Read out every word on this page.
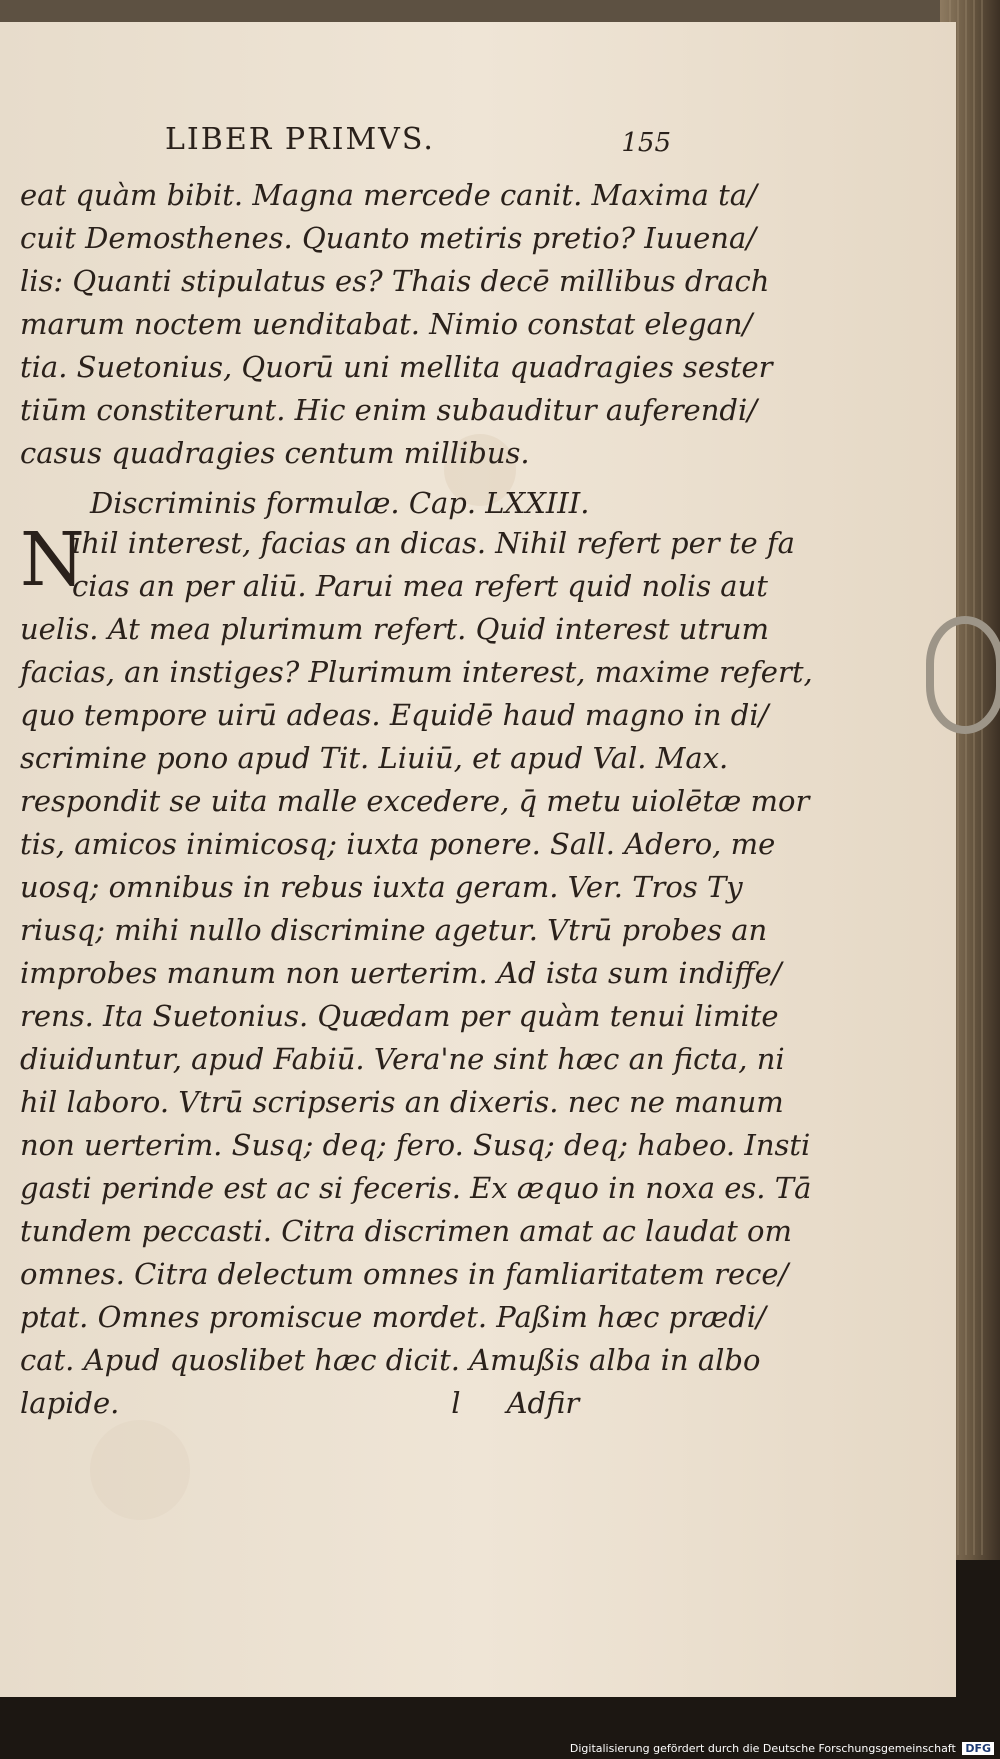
LIBER PRIMVS.	155
eat quàm bibit. Magna mercede canit. Maxima ta/
cuit Demosthenes. Quanto metiris pretio? Iuuena/
lis: Quanti stipulatus es? Thais decē millibus drach
marum noctem uenditabat. Nimio constat elegan/
tia. Suetonius, Quorū uni mellita quadragies sester
tiūm constiterunt. Hic enim subauditur auferendi/
casus quadragies centum millibus.
Discriminis formulæ. Cap. LXXIII.
N
ihil interest, facias an dicas. Nihil refert per te fa
cias an per aliū. Parui mea refert quid nolis aut
uelis. At mea plurimum refert. Quid interest utrum
facias, an instiges? Plurimum interest, maxime refert,
quo tempore uirū adeas. Equidē haud magno in di/
scrimine pono apud Tit. Liuiū, et apud Val. Max.
respondit se uita malle excedere, q̄ metu uiolētæ mor
tis, amicos inimicosq; iuxta ponere. Sall. Adero, me
uosq; omnibus in rebus iuxta geram. Ver. Tros Ty
riusq; mihi nullo discrimine agetur. Vtrū probes an
improbes manum non uerterim. Ad ista sum indiffe/
rens. Ita Suetonius. Quædam per quàm tenui limite
diuiduntur, apud Fabiū. Vera'ne sint hæc an ficta, ni
hil laboro. Vtrū scripseris an dixeris. nec ne manum
non uerterim. Susq; deq; fero. Susq; deq; habeo. Insti
gasti perinde est ac si feceris. Ex æquo in noxa es. Tā
tundem peccasti. Citra discrimen amat ac laudat om
omnes. Citra delectum omnes in famliaritatem rece/
ptat. Omnes promiscue mordet. Paßim hæc prædi/
cat. Apud quoslibet hæc dicit. Amußis alba in albo
lapide.                                    l     Adfir
Digitalisierung gefördert durch die Deutsche Forschungsgemeinschaft DFG
